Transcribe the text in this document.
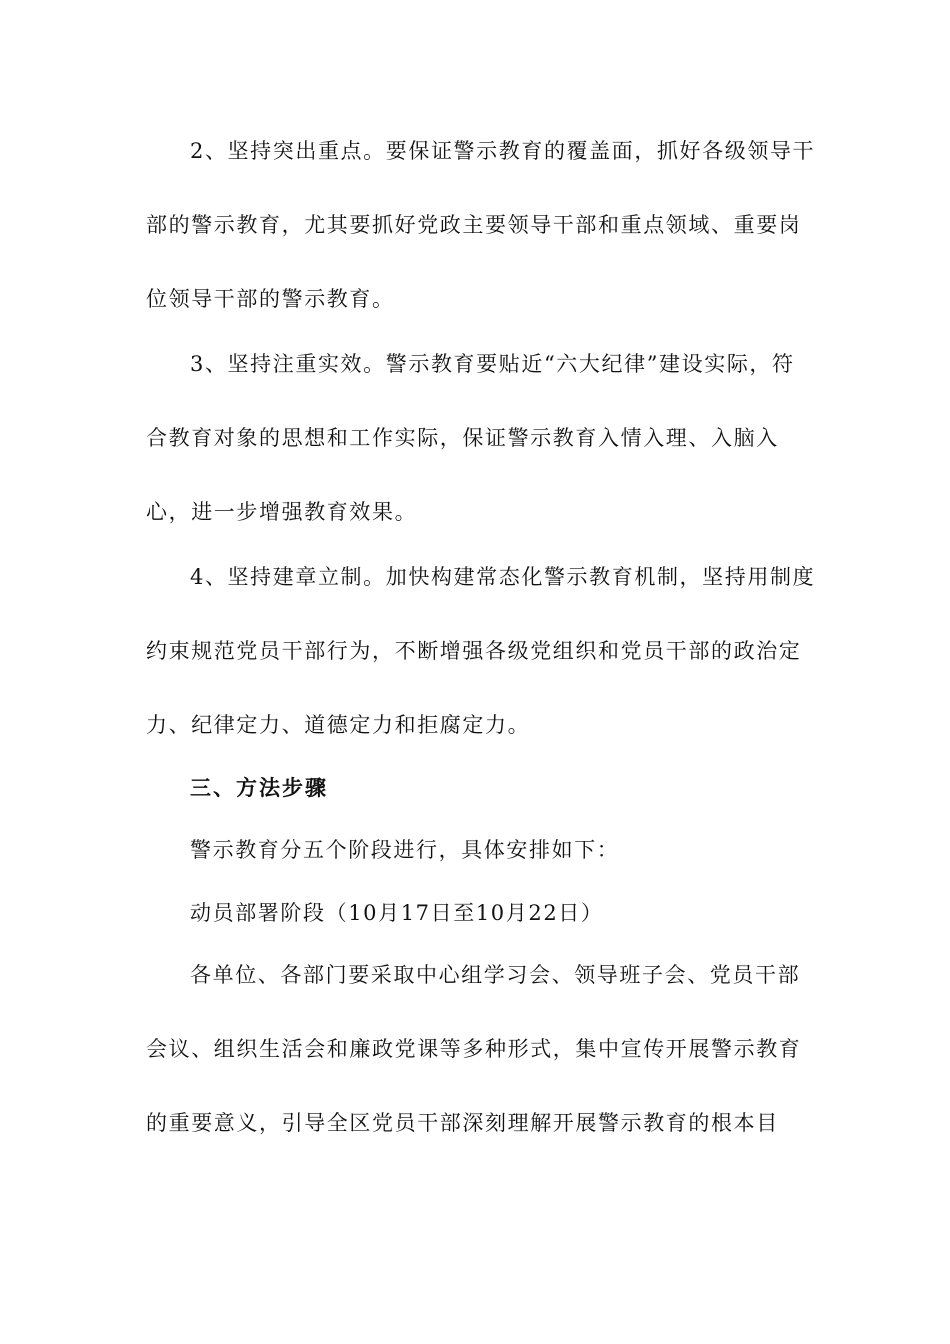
2、坚持突出重点。要保证警示教育的覆盖面，抓好各级领导干
部的警示教育，尤其要抓好党政主要领导干部和重点领域、重要岗
位领导干部的警示教育。
3、坚持注重实效。警示教育要贴近“六大纪律”建设实际，符
合教育对象的思想和工作实际，保证警示教育入情入理、入脑入
心，进一步增强教育效果。
4、坚持建章立制。加快构建常态化警示教育机制，坚持用制度
约束规范党员干部行为，不断增强各级党组织和党员干部的政治定
力、纪律定力、道德定力和拒腐定力。
三、方法步骤
警示教育分五个阶段进行，具体安排如下：
动员部署阶段（10月17日至10月22日）
各单位、各部门要采取中心组学习会、领导班子会、党员干部
会议、组织生活会和廉政党课等多种形式，集中宣传开展警示教育
的重要意义，引导全区党员干部深刻理解开展警示教育的根本目
